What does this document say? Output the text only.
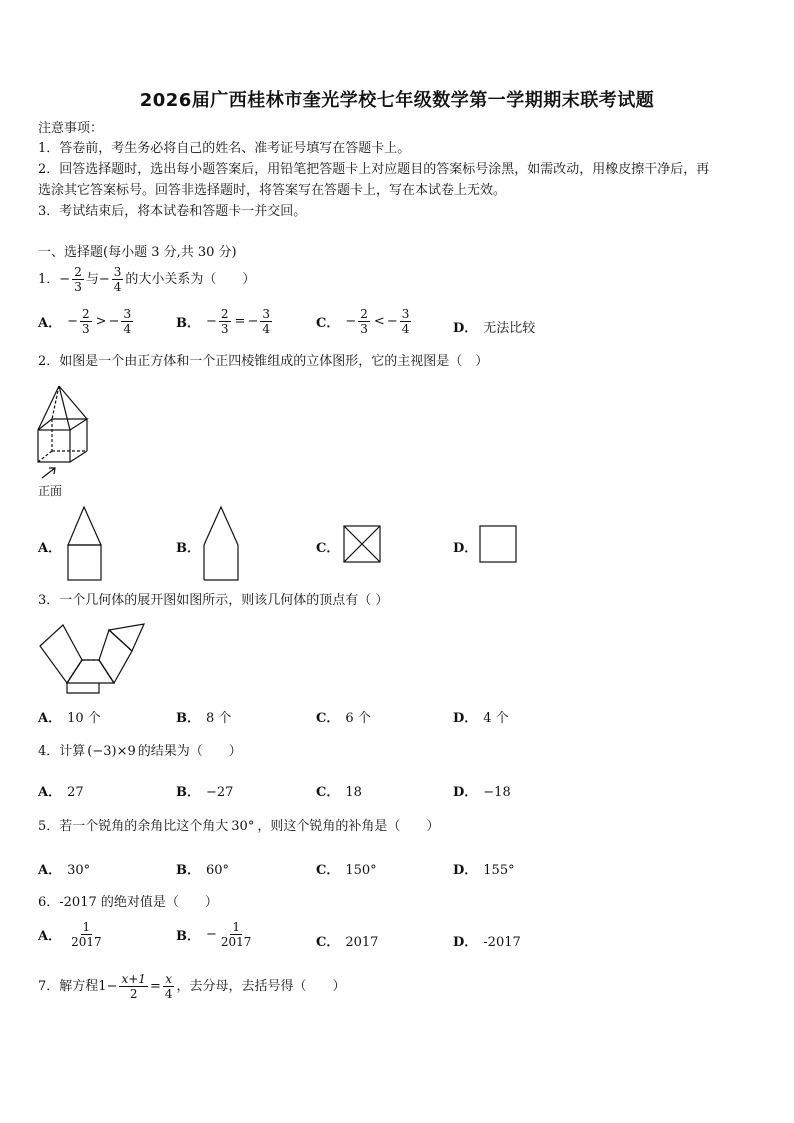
2026届广西桂林市奎光学校七年级数学第一学期期末联考试题
注意事项：
1．答卷前，考生务必将自己的姓名、准考证号填写在答题卡上。
2．回答选择题时，选出每小题答案后，用铅笔把答题卡上对应题目的答案标号涂黑，如需改动，用橡皮擦干净后，再
选涂其它答案标号。回答非选择题时，将答案写在答题卡上，写在本试卷上无效。
3．考试结束后，将本试卷和答题卡一并交回。
一、选择题(每小题 3 分,共 30 分)
1． − $\frac{2}{3}$ 与 − $\frac{3}{4}$ 的大小关系为（　　）
A． − $\frac{2}{3}$ > − $\frac{3}{4}$	B． − $\frac{2}{3}$ = − $\frac{3}{4}$	C． − $\frac{2}{3}$ < − $\frac{3}{4}$	D． 无法比较
2．如图是一个由正方体和一个正四棱锥组成的立体图形，它的主视图是（　）
正面
A．	B．	C．	D．
3．一个几何体的展开图如图所示，则该几何体的顶点有（ ）
A． 10 个	B． 8 个	C． 6 个	D． 4 个
4．计算 (−3)×9 的结果为（　　）
A． 27	B． −27	C． 18	D． −18
5．若一个锐角的余角比这个角大 30° ，则这个锐角的补角是（　　）
A． 30°	B． 60°	C． 150°	D． 155°
6．-2017 的绝对值是（　　）
A． $\frac{1}{2017}$	B． − $\frac{1}{2017}$	C． 2017	D． -2017
7．解方程 $1 - \frac{x+1}{2} = \frac{x}{4}$ ，去分母，去括号得（　　）
